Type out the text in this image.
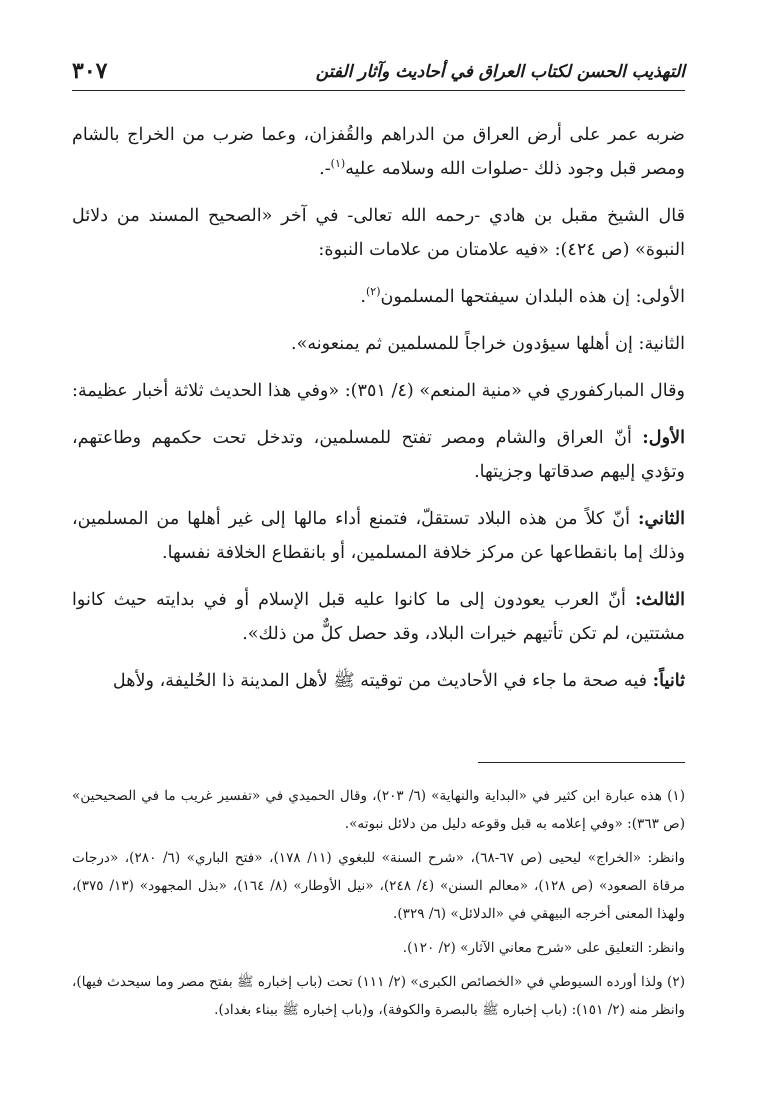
٣٠٧	التهذيب الحسن لكتاب العراق في أحاديث وآثار الفتن

ضربه عمر على أرض العراق من الدراهم والقُفزان، وعما ضرب من الخراج بالشام ومصر قبل وجود ذلك -صلوات الله وسلامه عليه$^{(١)}$-.

قال الشيخ مقبل بن هادي -رحمه الله تعالى- في آخر «الصحيح المسند من دلائل النبوة» (ص ٤٢٤): «فيه علامتان من علامات النبوة:

الأولى: إن هذه البلدان سيفتحها المسلمون$^{(٢)}$.

الثانية: إن أهلها سيؤدون خراجاً للمسلمين ثم يمنعونه».

وقال المباركفوري في «منية المنعم» (٤/ ٣٥١): «وفي هذا الحديث ثلاثة أخبار عظيمة:

الأول: أنّ العراق والشام ومصر تفتح للمسلمين، وتدخل تحت حكمهم وطاعتهم، وتؤدي إليهم صدقاتها وجزيتها.

الثاني: أنّ كلاً من هذه البلاد تستقلّ، فتمنع أداء مالها إلى غير أهلها من المسلمين، وذلك إما بانقطاعها عن مركز خلافة المسلمين، أو بانقطاع الخلافة نفسها.

الثالث: أنّ العرب يعودون إلى ما كانوا عليه قبل الإسلام أو في بدايته حيث كانوا مشتتين، لم تكن تأتيهم خيرات البلاد، وقد حصل كلٌّ من ذلك».

ثانياً: فيه صحة ما جاء في الأحاديث من توقيته ﷺ لأهل المدينة ذا الحُليفة، ولأهل

(١) هذه عبارة ابن كثير في «البداية والنهاية» (٦/ ٢٠٣)، وقال الحميدي في «تفسير غريب ما في الصحيحين» (ص ٣٦٣): «وفي إعلامه به قبل وقوعه دليل من دلائل نبوته».

وانظر: «الخراج» ليحيى (ص ٦٧-٦٨)، «شرح السنة» للبغوي (١١/ ١٧٨)، «فتح الباري» (٦/ ٢٨٠)، «درجات مرقاة الصعود» (ص ١٢٨)، «معالم السنن» (٤/ ٢٤٨)، «نيل الأوطار» (٨/ ١٦٤)، «بذل المجهود» (١٣/ ٣٧٥)، ولهذا المعنى أخرجه البيهقي في «الدلائل» (٦/ ٣٢٩).

وانظر: التعليق على «شرح معاني الآثار» (٢/ ١٢٠).

(٢) ولذا أورده السيوطي في «الخصائص الكبرى» (٢/ ١١١) تحت (باب إخباره ﷺ بفتح مصر وما سيحدث فيها)، وانظر منه (٢/ ١٥١): (باب إخباره ﷺ بالبصرة والكوفة)، و(باب إخباره ﷺ ببناء بغداد).
